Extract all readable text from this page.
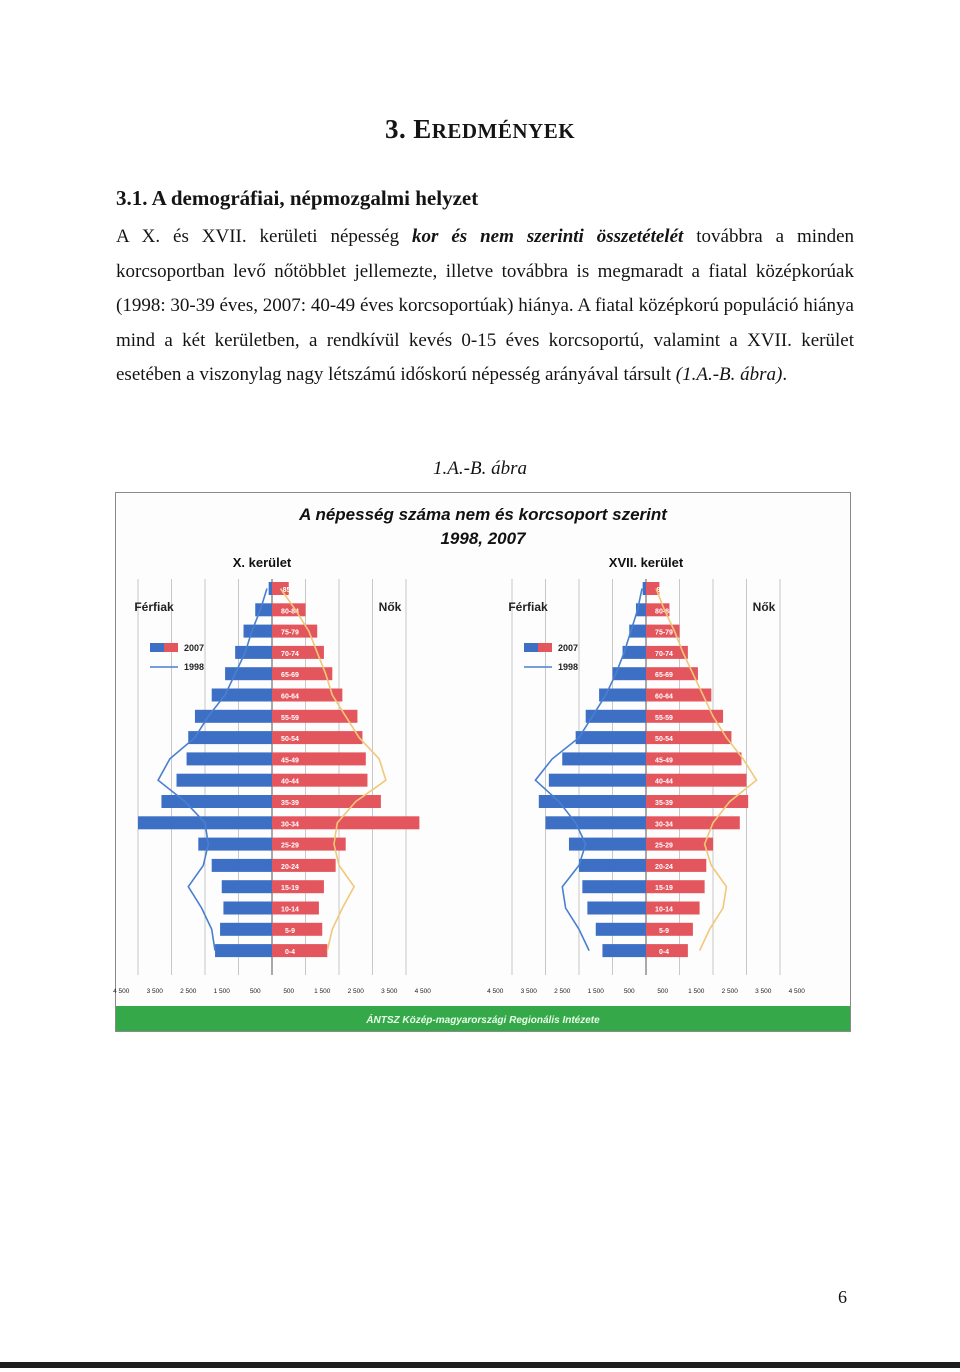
3. EREDMÉNYEK
3.1. A demográfiai, népmozgalmi helyzet
A X. és XVII. kerületi népesség kor és nem szerinti összetételét továbbra a minden korcsoportban levő nőtöbblet jellemezte, illetve továbbra is megmaradt a fiatal középkorúak (1998: 30-39 éves, 2007: 40-49 éves korcsoportúak) hiánya. A fiatal középkorú populáció hiánya mind a két kerületben, a rendkívül kevés 0-15 éves korcsoportú, valamint a XVII. kerület esetében a viszonylag nagy létszámú időskorú népesség arányával társult (1.A.-B. ábra).
1.A.-B. ábra
A népesség száma nem és korcsoport szerint
1998, 2007
X. kerület
85-X
80-84
75-79
70-74
65-69
60-64
55-59
50-54
45-49
40-44
35-39
30-34
25-29
20-24
15-19
10-14
5-9
0-4
Férfiak	Nők
2007
1998
4 500	3 500	2 500	1 500	500	500	1 500	2 500	3 500	4 500
XVII. kerület
85-X
80-84
75-79
70-74
65-69
60-64
55-59
50-54
45-49
40-44
35-39
30-34
25-29
20-24
15-19
10-14
5-9
0-4
Férfiak	Nők
2007
1998
4 500	3 500	2 500	1 500	500	500	1 500	2 500	3 500	4 500
ÁNTSZ Közép-magyarországi Regionális Intézete
6
